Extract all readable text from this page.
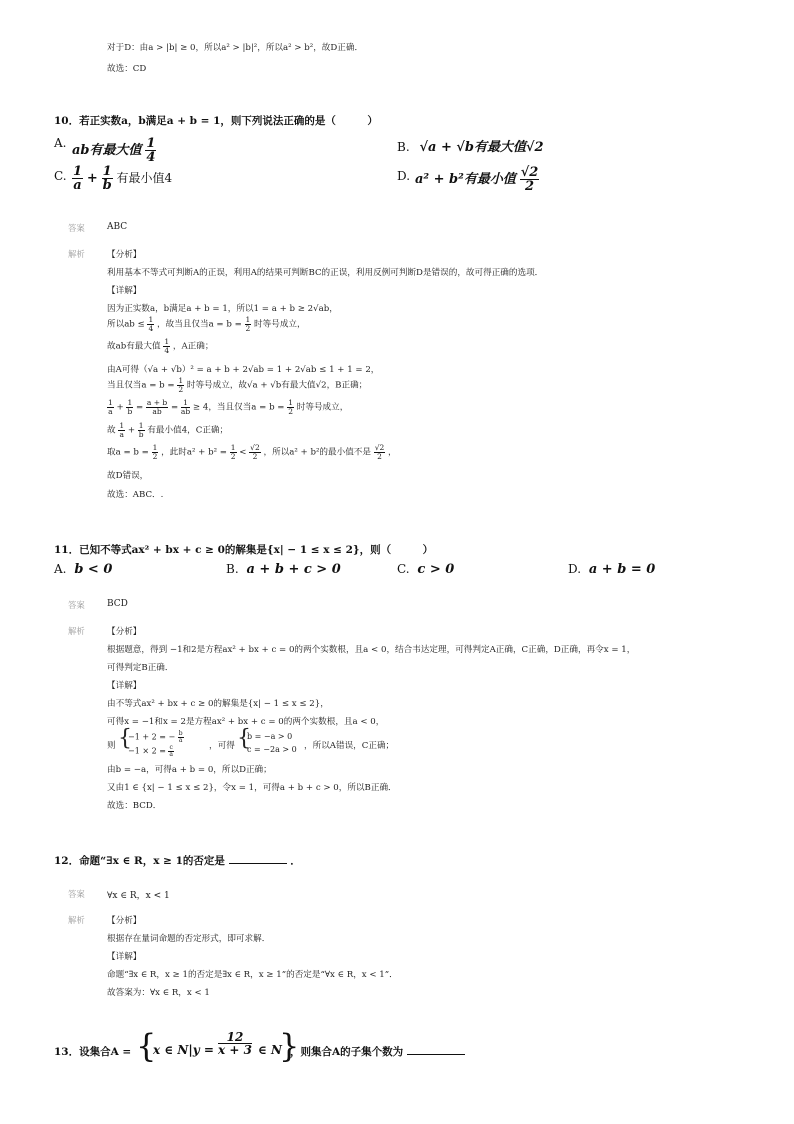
对于D：由a > |b| ≥ 0，所以a² > |b|²，所以a² > b²，故D正确．
故选：CD
10．若正实数a，b满足a + b = 1，则下列说法正确的是（　　　）
A. ab有最大值 $\frac{1}{4}$	B. √a + √b有最大值√2
C. $\frac{1}{a} + \frac{1}{b}$ 有最小值4	D. a² + b²有最小值 $\frac{√2}{2}$
答案 ABC
解析	【分析】
利用基本不等式可判断A的正误，利用A的结果可判断BC的正误，利用反例可判断D是错误的，故可得正确的选项．
【详解】
因为正实数a，b满足a + b = 1，所以1 = a + b ≥ 2√ab，
所以ab ≤ $\frac{1}{4}$ ，故当且仅当$a = b = \frac{1}{2}$ 时等号成立，
故ab有最大值 $\frac{1}{4}$ ，A正确；
由A可得（√a + √b）² = a + b + 2√ab = 1 + 2√ab ≤ 1 + 1 = 2，
当且仅当$a = b = \frac{1}{2}$ 时等号成立，故√a + √b有最大值√2，B正确；
$\frac{1}{a} + \frac{1}{b} = \frac{a + b}{ab} = \frac{1}{ab} \ge 4$，当且仅当$a = b = \frac{1}{2}$ 时等号成立，
故 $\frac{1}{a} + \frac{1}{b}$ 有最小值4，C正确；
取$a = b = \frac{1}{2}$ ，此时$a^2 + b^2 = \frac{1}{2} < \frac{√2}{2}$ ，所以a² + b²的最小值不是 $\frac{√2}{2}$ ，
故D错误，
故选：ABC．.
11．已知不等式ax² + bx + c ≥ 0的解集是{x| − 1 ≤ x ≤ 2}，则（　　　）
A. b < 0	B. a + b + c > 0	C. c > 0	D. a + b = 0
答案 BCD
解析	【分析】
根据题意，得到 −1和2是方程ax² + bx + c = 0的两个实数根，且a < 0，结合韦达定理，可得判定A正确，C正确，D正确，再令x = 1，
可得判定B正确．
【详解】
由不等式ax² + bx + c ≥ 0的解集是{x| − 1 ≤ x ≤ 2}，
可得x = −1和x = 2是方程ax² + bx + c = 0的两个实数根，且a < 0，
则 {
−1 + 2 = − $\frac{b}{a}$
$-1 \times 2 = \frac{c}{a}$	，可得 {
b = −a > 0
c = −2a > 0 ，所以A错误，C正确；
由b = −a，可得a + b = 0，所以D正确；
又由1 ∈ {x| − 1 ≤ x ≤ 2}，令x = 1，可得a + b + c > 0，所以B正确．
故选：BCD．
12．命题“∃x ∈ R，x ≥ 1的否定是	．
答案 ∀x ∈ R，x < 1
解析	【分析】
根据存在量词命题的否定形式，即可求解．
【详解】
命题“∃x ∈ R，x ≥ 1的否定是∃x ∈ R，x ≥ 1”的否定是“∀x ∈ R，x < 1”．
故答案为：∀x ∈ R，x < 1
13．设集合A = {
x ∈ $N|y = \frac{12}{x + 3}$ ∈ N
}
，则集合A的子集个数为
